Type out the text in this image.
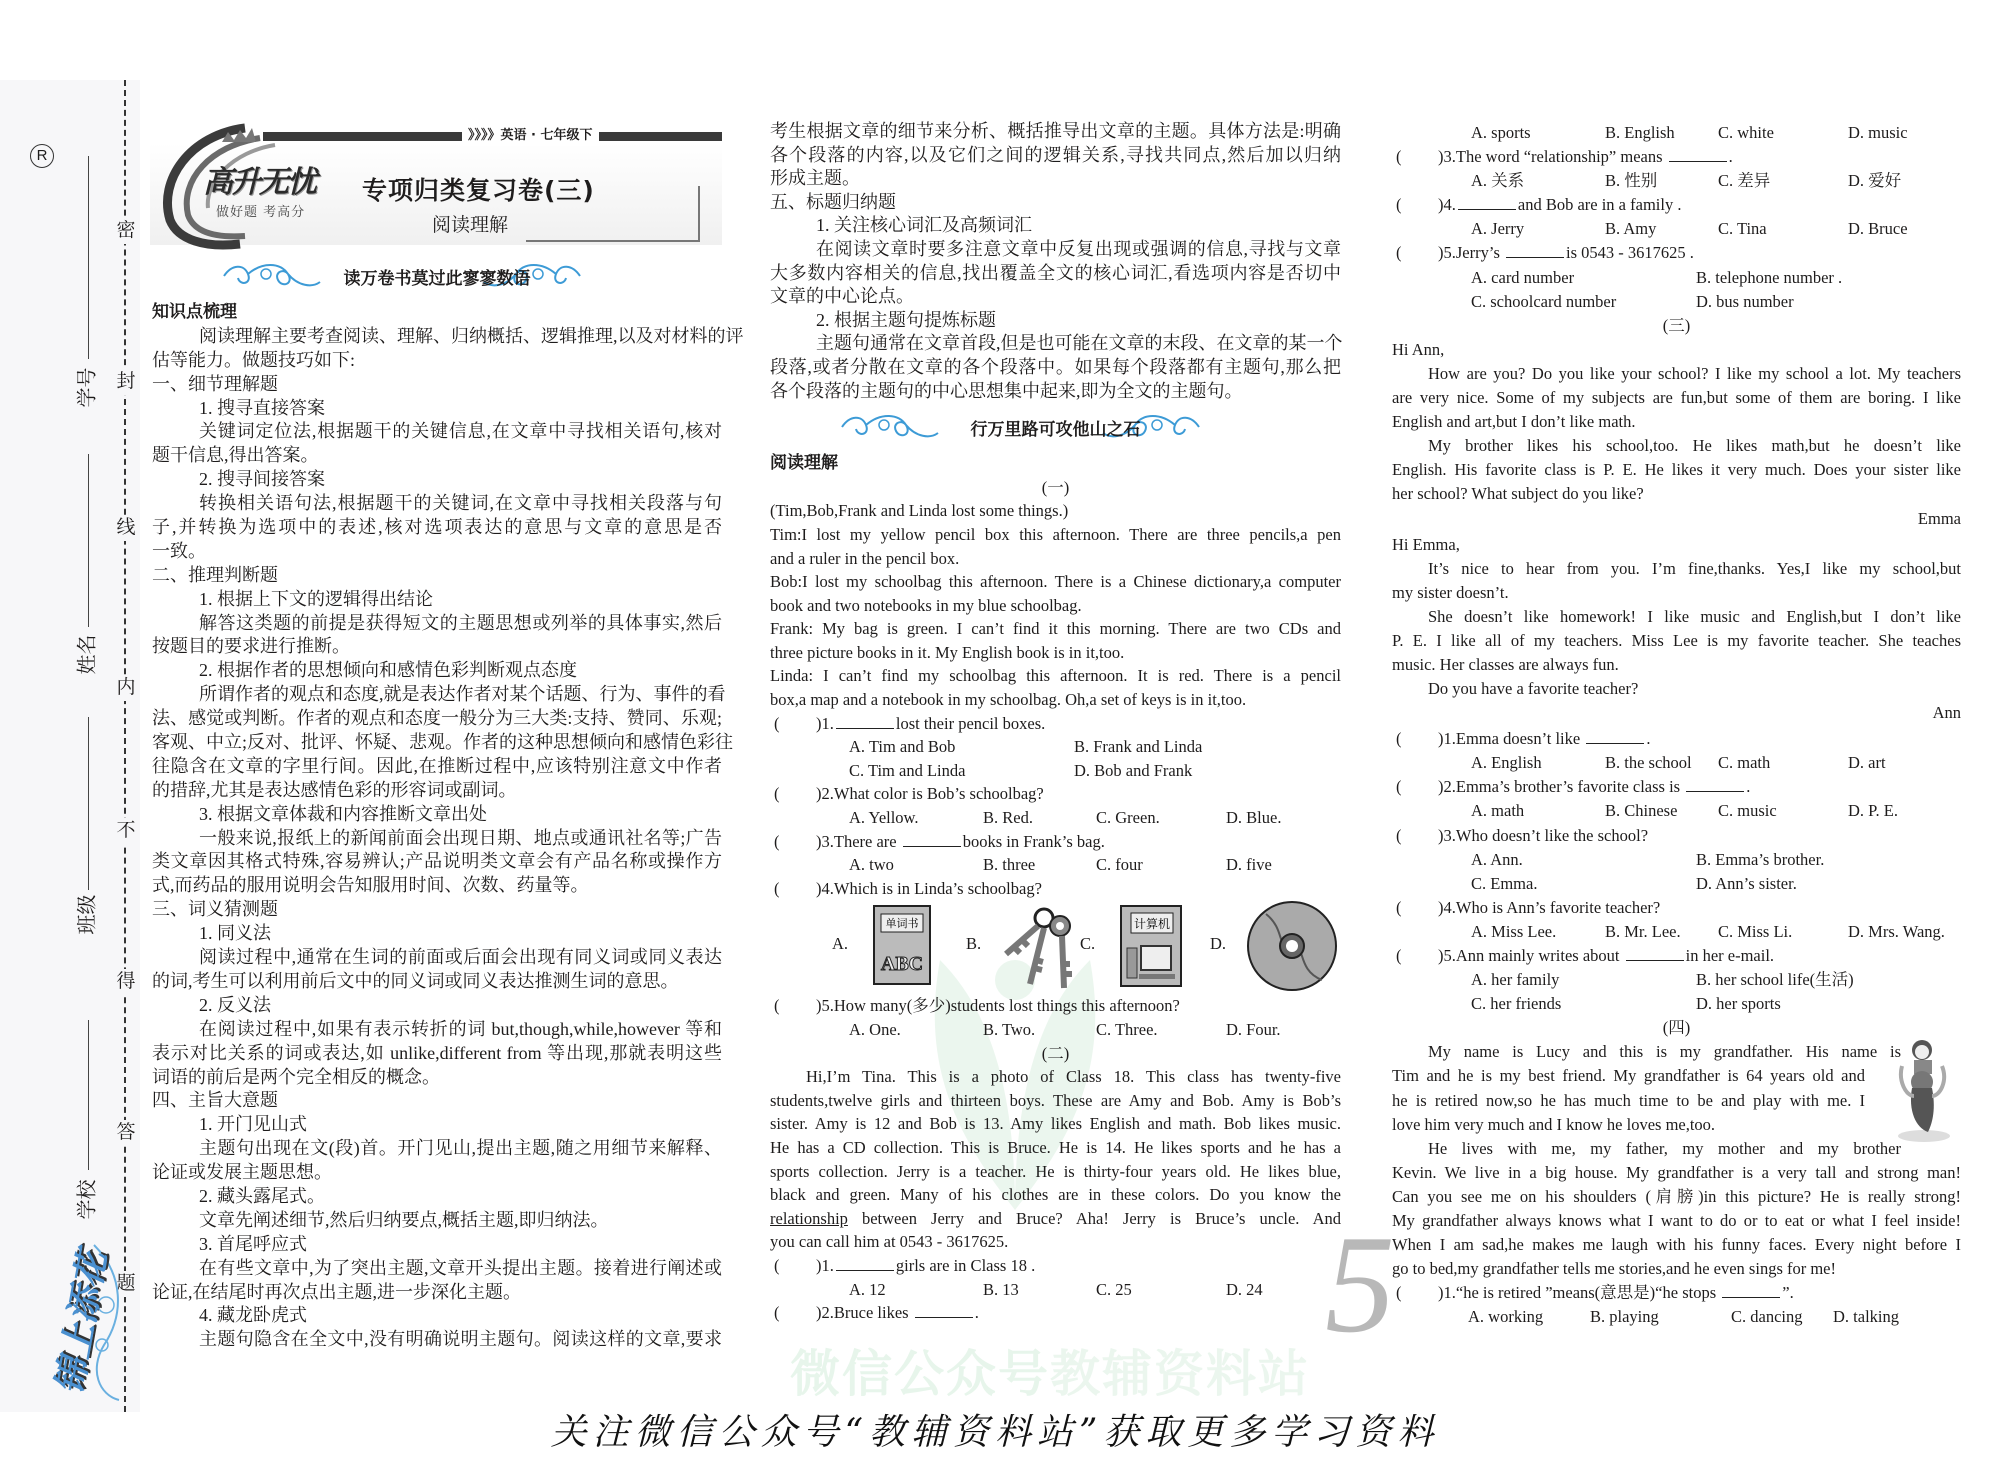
R
学号
姓名
班级
学校
密
封
线
内
不
得
答
题
锦上添花
》》》》英语 · 七年级下
高升无忧
做好题 考高分
专项归类复习卷(三)
阅读理解
读万卷书莫过此寥寥数语
微信公众号 教辅资料站
知识点梳理
阅读理解主要考查阅读、理解、归纳概括、逻辑推理,以及对材料的评
估等能力。做题技巧如下:
一、细节理解题
1. 搜寻直接答案
关键词定位法,根据题干的关键信息,在文章中寻找相关语句,核对
题干信息,得出答案。
2. 搜寻间接答案
转换相关语句法,根据题干的关键词,在文章中寻找相关段落与句
子,并转换为选项中的表述,核对选项表达的意思与文章的意思是否
一致。
二、推理判断题
1. 根据上下文的逻辑得出结论
解答这类题的前提是获得短文的主题思想或列举的具体事实,然后
按题目的要求进行推断。
2. 根据作者的思想倾向和感情色彩判断观点态度
所谓作者的观点和态度,就是表达作者对某个话题、行为、事件的看
法、感觉或判断。作者的观点和态度一般分为三大类:支持、赞同、乐观;
客观、中立;反对、批评、怀疑、悲观。作者的这种思想倾向和感情色彩往
往隐含在文章的字里行间。因此,在推断过程中,应该特别注意文中作者
的措辞,尤其是表达感情色彩的形容词或副词。
3. 根据文章体裁和内容推断文章出处
一般来说,报纸上的新闻前面会出现日期、地点或通讯社名等;广告
类文章因其格式特殊,容易辨认;产品说明类文章会有产品名称或操作方
式,而药品的服用说明会告知服用时间、次数、药量等。
三、词义猜测题
1. 同义法
阅读过程中,通常在生词的前面或后面会出现有同义词或同义表达
的词,考生可以利用前后文中的同义词或同义表达推测生词的意思。
2. 反义法
在阅读过程中,如果有表示转折的词 but,though,while,however 等和
表示对比关系的词或表达,如 unlike,different from 等出现,那就表明这些
词语的前后是两个完全相反的概念。
四、主旨大意题
1. 开门见山式
主题句出现在文(段)首。开门见山,提出主题,随之用细节来解释、
论证或发展主题思想。
2. 藏头露尾式。
文章先阐述细节,然后归纳要点,概括主题,即归纳法。
3. 首尾呼应式
在有些文章中,为了突出主题,文章开头提出主题。接着进行阐述或
论证,在结尾时再次点出主题,进一步深化主题。
4. 藏龙卧虎式
主题句隐含在全文中,没有明确说明主题句。阅读这样的文章,要求
考生根据文章的细节来分析、概括推导出文章的主题。具体方法是:明确
各个段落的内容,以及它们之间的逻辑关系,寻找共同点,然后加以归纳
形成主题。
五、标题归纳题
1. 关注核心词汇及高频词汇
在阅读文章时要多注意文章中反复出现或强调的信息,寻找与文章
大多数内容相关的信息,找出覆盖全文的核心词汇,看选项内容是否切中
文章的中心论点。
2. 根据主题句提炼标题
主题句通常在文章首段,但是也可能在文章的末段、在文章的某一个
段落,或者分散在文章的各个段落中。如果每个段落都有主题句,那么把
各个段落的主题句的中心思想集中起来,即为全文的主题句。
行万里路可攻他山之石
阅读理解
(一)
(Tim,Bob,Frank and Linda lost some things.)
Tim:I lost my yellow pencil box this afternoon. There are three pencils,a pen
and a ruler in the pencil box.
Bob:I lost my schoolbag this afternoon. There is a Chinese dictionary,a computer
book and two notebooks in my blue schoolbag.
Frank: My bag is green. I can’t find it this morning. There are two CDs and
three picture books in it. My English book is in it,too.
Linda: I can’t find my schoolbag this afternoon. It is red. There is a pencil
box,a map and a notebook in my schoolbag. Oh,a set of keys is in it,too.
( )1.	lost their pencil boxes.
A. Tim and Bob	B. Frank and Linda
C. Tim and Linda	D. Bob and Frank
( )2.What color is Bob’s schoolbag?
A. Yellow.	B. Red.	C. Green.	D. Blue.
( )3.There are	books in Frank’s bag.
A. two	B. three	C. four	D. five
( )4.Which is in Linda’s schoolbag?
A.	B.	C.	D.
单词书
ABC
计算机
( )5.How many(多少)students lost things this afternoon?
A. One.	B. Two.	C. Three.	D. Four.
(二)
Hi,I’m Tina. This is a photo of Class 18. This class has twenty-five
students,twelve girls and thirteen boys. These are Amy and Bob. Amy is Bob’s
sister. Amy is 12 and Bob is 13. Amy likes English and math. Bob likes music.
He has a CD collection. This is Bruce. He is 14. He likes sports and he has a
sports collection. Jerry is a teacher. He is thirty-four years old. He likes blue,
black and green. Many of his clothes are in these colors. Do you know the
relationship between Jerry and Bruce? Aha! Jerry is Bruce’s uncle. And
you can call him at 0543 - 3617625.
( )1.	girls are in Class 18 .
A. 12	B. 13	C. 25	D. 24
( )2.Bruce likes	.
A. sports	B. English	C. white	D. music
( )3.The word “relationship” means	.
A. 关系	B. 性别	C. 差异	D. 爱好
( )4.	and Bob are in a family .
A. Jerry	B. Amy	C. Tina	D. Bruce
( )5.Jerry’s	is 0543 - 3617625 .
A. card number	B. telephone number .
C. schoolcard number	D. bus number
(三)
Hi Ann,
How are you? Do you like your school? I like my school a lot. My teachers
are very nice. Some of my subjects are fun,but some of them are boring. I like
English and art,but I don’t like math.
My brother likes his school,too. He likes math,but he doesn’t like
English. His favorite class is P. E. He likes it very much. Does your sister like
her school? What subject do you like?
Emma
Hi Emma,
It’s nice to hear from you. I’m fine,thanks. Yes,I like my school,but
my sister doesn’t.
She doesn’t like homework! I like music and English,but I don’t like
P. E. I like all of my teachers. Miss Lee is my favorite teacher. She teaches
music. Her classes are always fun.
Do you have a favorite teacher?
Ann
( )1.Emma doesn’t like	.
A. English	B. the school C. math	D. art
( )2.Emma’s brother’s favorite class is	.
A. math	B. Chinese C. music	D. P. E.
( )3.Who doesn’t like the school?
A. Ann.	B. Emma’s brother.
C. Emma.	D. Ann’s sister.
( )4.Who is Ann’s favorite teacher?
A. Miss Lee.	B. Mr. Lee. C. Miss Li.	D. Mrs. Wang.
( )5.Ann mainly writes about	in her e-mail.
A. her family	B. her school life(生活)
C. her friends	D. her sports
(四)
My name is Lucy and this is my grandfather. His name is
Tim and he is my best friend. My grandfather is 64 years old and
he is retired now,so he has much time to be and play with me. I
love him very much and I know he loves me,too.
He lives with me, my father, my mother and my brother
Kevin. We live in a big house. My grandfather is a very tall and strong man!
Can you see me on his shoulders (肩膀)in this picture? He is really strong!
My grandfather always knows what I want to do or to eat or what I feel inside!
When I am sad,he makes me laugh with his funny faces. Every night before I
go to bed,my grandfather tells me stories,and he even sings for me!
( )1.“he is retired ”means(意思是)“he stops	”.
A. working	B. playing	C. dancing D. talking
5
关注微信公众号“教辅资料站”获取更多学习资料
